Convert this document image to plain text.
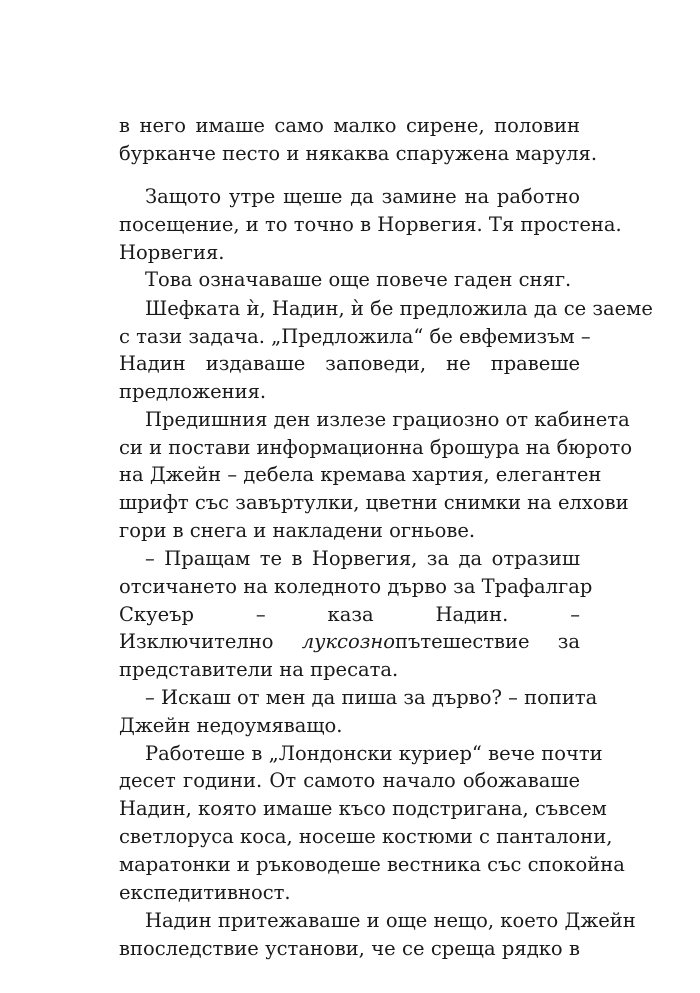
в него имаше само малко сирене, половин
бурканче песто и някаква спаружена маруля.
Защото утре щеше да замине на работно
посещение, и то точно в Норвегия. Тя простена.
Норвегия.
Това означаваше още повече гаден сняг.
Шефката ѝ, Надин, ѝ бе предложила да се заеме
с тази задача. „Предложила“ бе евфемизъм –
Надин издаваше заповеди, не правеше
предложения.
Предишния ден излезе грациозно от кабинета
си и постави информационна брошура на бюрото
на Джейн – дебела кремава хартия, елегантен
шрифт със завъртулки, цветни снимки на елхови
гори в снега и накладени огньове.
– Пращам те в Норвегия, за да отразиш
отсичането на коледното дърво за Трафалгар
Скуеър – каза Надин. –
Изключително луксознопътешествие за
представители на пресата.
– Искаш от мен да пиша за дърво? – попита
Джейн недоумяващо.
Работеше в „Лондонски куриер“ вече почти
десет години. От самото начало обожаваше
Надин, която имаше късо подстригана, съвсем
светлоруса коса, носеше костюми с панталони,
маратонки и ръководеше вестника със спокойна
експедитивност.
Надин притежаваше и още нещо, което Джейн
впоследствие установи, че се среща рядко в
